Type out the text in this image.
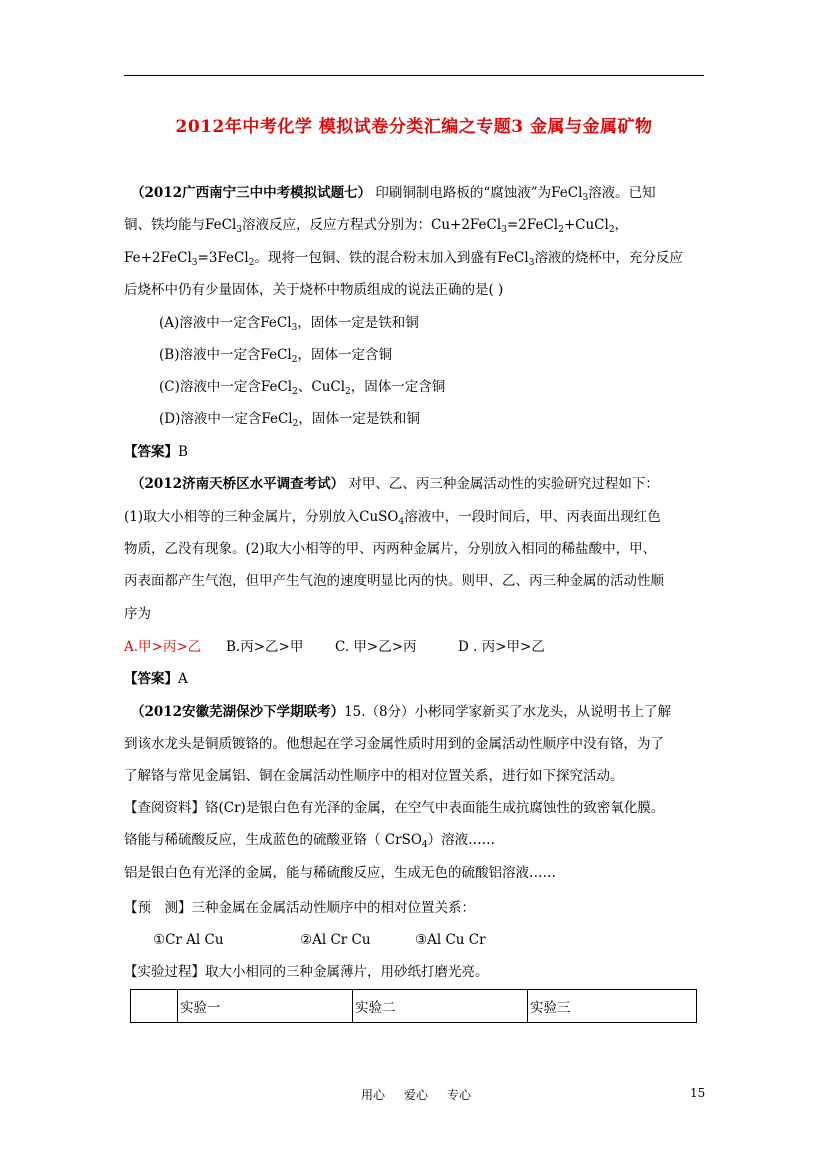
2012年中考化学 模拟试卷分类汇编之专题3 金属与金属矿物
（2012广西南宁三中中考模拟试题七） 印刷铜制电路板的“腐蚀液”为FeCl$_3$溶液。已知
铜、铁均能与FeCl$_3$溶液反应，反应方程式分别为：Cu+2FeCl$_3$=2FeCl$_2$+CuCl$_2$，
Fe+2FeCl$_3$=3FeCl$_2$。现将一包铜、铁的混合粉末加入到盛有FeCl$_3$溶液的烧杯中，充分反应
后烧杯中仍有少量固体，关于烧杯中物质组成的说法正确的是( )
(A)溶液中一定含FeCl$_3$，固体一定是铁和铜
(B)溶液中一定含FeCl$_2$，固体一定含铜
(C)溶液中一定含FeCl$_2$、CuCl$_2$，固体一定含铜
(D)溶液中一定含FeCl$_2$，固体一定是铁和铜
【答案】B
（2012济南天桥区水平调查考试） 对甲、乙、丙三种金属活动性的实验研究过程如下：
(1)取大小相等的三种金属片，分别放入CuSO$_4$溶液中，一段时间后，甲、丙表面出现红色
物质，乙没有现象。(2)取大小相等的甲、丙两种金属片，分别放入相同的稀盐酸中，甲、
丙表面都产生气泡，但甲产生气泡的速度明显比丙的快。则甲、乙、丙三种金属的活动性顺
序为
A.甲>丙>乙 B.丙>乙>甲 C. 甲>乙>丙	D . 丙>甲>乙
【答案】A
（2012安徽芜湖保沙下学期联考）15.（8分）小彬同学家新买了水龙头，从说明书上了解
到该水龙头是铜质镀铬的。他想起在学习金属性质时用到的金属活动性顺序中没有铬，为了
了解铬与常见金属铝、铜在金属活动性顺序中的相对位置关系，进行如下探究活动。
【查阅资料】铬(Cr)是银白色有光泽的金属，在空气中表面能生成抗腐蚀性的致密氧化膜。
铬能与稀硫酸反应，生成蓝色的硫酸亚铬（ CrSO$_4$）溶液……
铝是银白色有光泽的金属，能与稀硫酸反应，生成无色的硫酸铝溶液……
【预　测】三种金属在金属活动性顺序中的相对位置关系：
①Cr Al Cu	②Al Cr Cu	③Al Cu Cr
【实验过程】取大小相同的三种金属薄片，用砂纸打磨光亮。
	实验一	实验二	实验三
用心 爱心 专心	15
